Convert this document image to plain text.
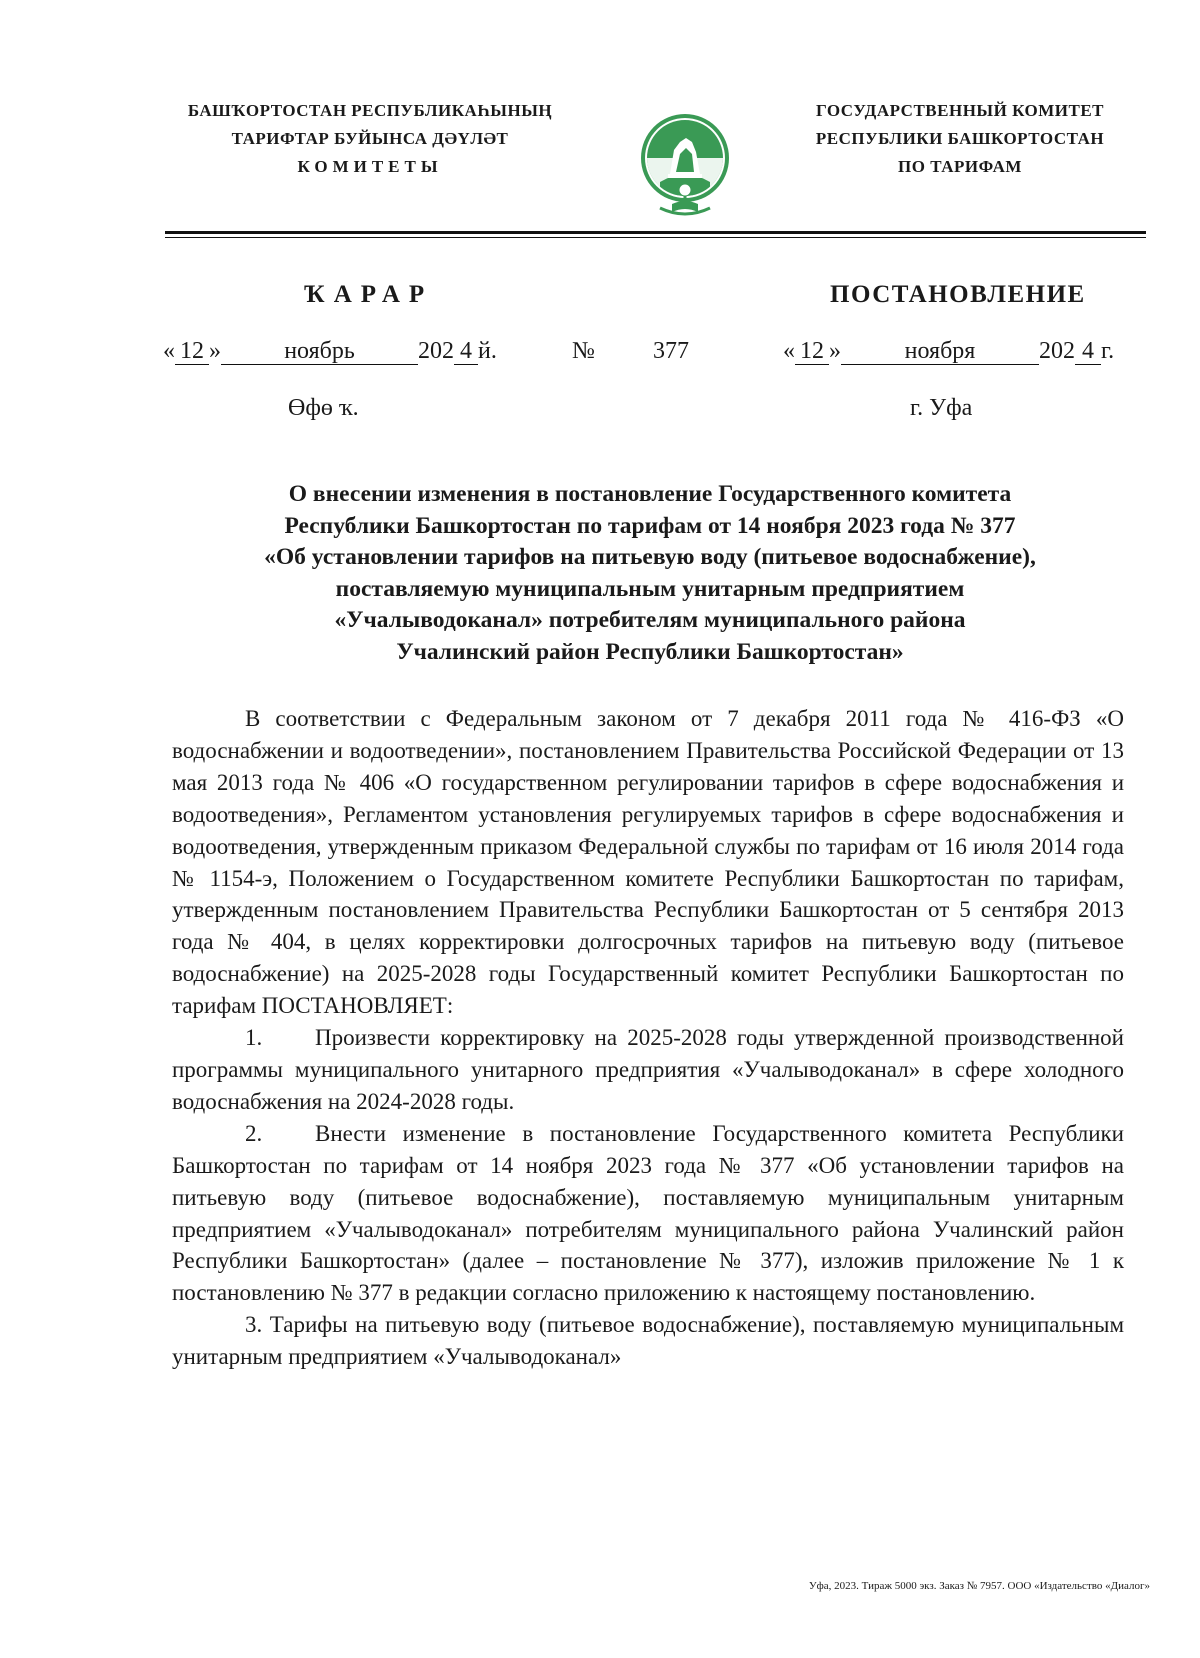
БАШҠОРТОСТАН РЕСПУБЛИКАҺЫНЫҢ
ТАРИФТАР БУЙЫНСА ДӘҮЛӘТ
КОМИТЕТЫ
ГОСУДАРСТВЕННЫЙ КОМИТЕТ
РЕСПУБЛИКИ БАШКОРТОСТАН
ПО ТАРИФАМ
ҠАРАР	ПОСТАНОВЛЕНИЕ
« 12 »	ноябрь	202 4 й.	№ 377	« 12 »	ноября	202 4 г.
Өфө ҡ.	г. Уфа
О внесении изменения в постановление Государственного комитета
Республики Башкортостан по тарифам от 14 ноября 2023 года № 377
«Об установлении тарифов на питьевую воду (питьевое водоснабжение),
поставляемую муниципальным унитарным предприятием
«Учалыводоканал» потребителям муниципального района
Учалинский район Республики Башкортостан»

В соответствии с Федеральным законом от 7 декабря 2011 года № 416-ФЗ «О водоснабжении и водоотведении», постановлением Правительства Российской Федерации от 13 мая 2013 года № 406 «О государственном регулировании тарифов в сфере водоснабжения и водоотведения», Регламентом установления регулируемых тарифов в сфере водоснабжения и водоотведения, утвержденным приказом Федеральной службы по тарифам от 16 июля 2014 года № 1154-э, Положением о Государственном комитете Республики Башкортостан по тарифам, утвержденным постановлением Правительства Республики Башкортостан от 5 сентября 2013 года № 404, в целях корректировки долгосрочных тарифов на питьевую воду (питьевое водоснабжение) на 2025-2028 годы Государственный комитет Республики Башкортостан по тарифам ПОСТАНОВЛЯЕТ:

1. Произвести корректировку на 2025-2028 годы утвержденной производственной программы муниципального унитарного предприятия «Учалыводоканал» в сфере холодного водоснабжения на 2024-2028 годы.

2. Внести изменение в постановление Государственного комитета Республики Башкортостан по тарифам от 14 ноября 2023 года № 377 «Об установлении тарифов на питьевую воду (питьевое водоснабжение), поставляемую муниципальным унитарным предприятием «Учалыводоканал» потребителям муниципального района Учалинский район Республики Башкортостан» (далее – постановление № 377), изложив приложение № 1 к постановлению № 377 в редакции согласно приложению к настоящему постановлению.

3. Тарифы на питьевую воду (питьевое водоснабжение), поставляемую муниципальным унитарным предприятием «Учалыводоканал»

Уфа, 2023. Тираж 5000 экз. Заказ № 7957. ООО «Издательство «Диалог»
